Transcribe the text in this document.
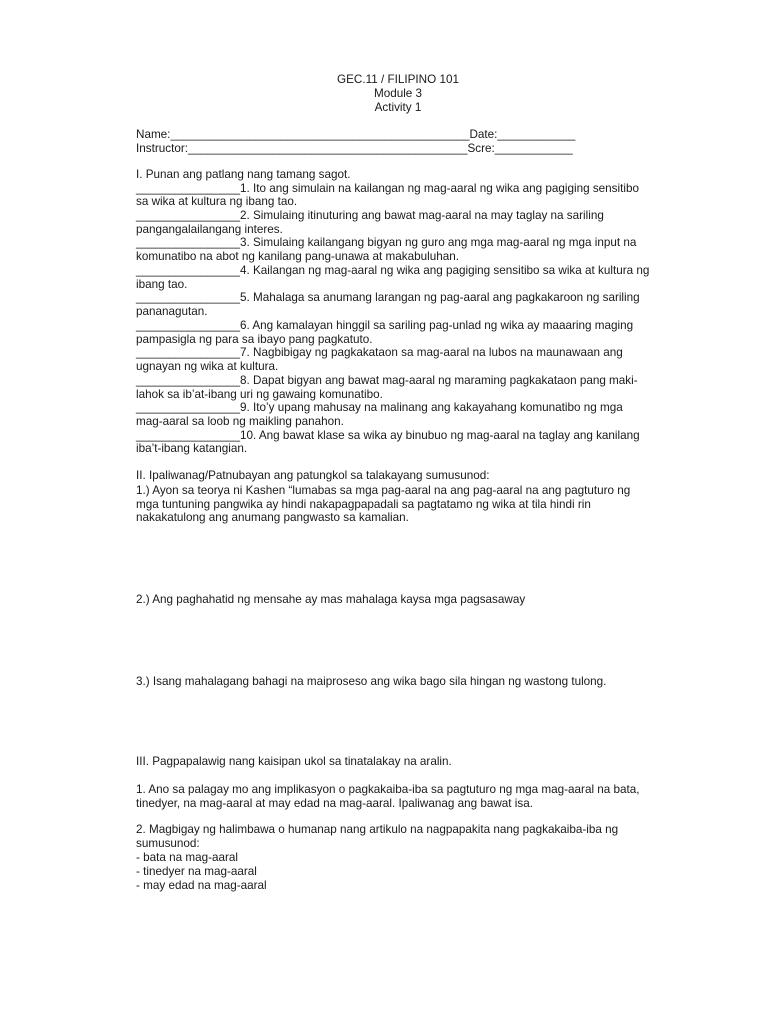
GEC.11 / FILIPINO 101
Module 3
Activity 1
Name:______________________________________________Date:____________
Instructor:___________________________________________Scre:____________
I. Punan ang patlang nang tamang sagot.
________________1. Ito ang simulain na kailangan ng mag-aaral ng wika ang pagiging sensitibo
sa wika at kultura ng ibang tao.
________________2. Simulaing itinuturing ang bawat mag-aaral na may taglay na sariling
pangangalailangang interes.
________________3. Simulaing kailangang bigyan ng guro ang mga mag-aaral ng mga input na
komunatibo na abot ng kanilang pang-unawa at makabuluhan.
________________4. Kailangan ng mag-aaral ng wika ang pagiging sensitibo sa wika at kultura ng
ibang tao.
________________5. Mahalaga sa anumang larangan ng pag-aaral ang pagkakaroon ng sariling
pananagutan.
________________6. Ang kamalayan hinggil sa sariling pag-unlad ng wika ay maaaring maging
pampasigla ng para sa ibayo pang pagkatuto.
________________7. Nagbibigay ng pagkakataon sa mag-aaral na lubos na maunawaan ang
ugnayan ng wika at kultura.
________________8. Dapat bigyan ang bawat mag-aaral ng maraming pagkakataon pang maki-
lahok sa ib’at-ibang uri ng gawaing komunatibo.
________________9. Ito’y upang mahusay na malinang ang kakayahang komunatibo ng mga
mag-aaral sa loob ng maikling panahon.
________________10. Ang bawat klase sa wika ay binubuo ng mag-aaral na taglay ang kanilang
iba’t-ibang katangian.
II. Ipaliwanag/Patnubayan ang patungkol sa talakayang sumusunod:
1.) Ayon sa teorya ni Kashen “lumabas sa mga pag-aaral na ang pag-aaral na ang pagtuturo ng
mga tuntuning pangwika ay hindi nakapagpapadali sa pagtatamo ng wika at tila hindi rin
nakakatulong ang anumang pangwasto sa kamalian.
2.) Ang paghahatid ng mensahe ay mas mahalaga kaysa mga pagsasaway
3.) Isang mahalagang bahagi na maiproseso ang wika bago sila hingan ng wastong tulong.
III. Pagpapalawig nang kaisipan ukol sa tinatalakay na aralin.
1. Ano sa palagay mo ang implikasyon o pagkakaiba-iba sa pagtuturo ng mga mag-aaral na bata,
tinedyer, na mag-aaral at may edad na mag-aaral. Ipaliwanag ang bawat isa.
2. Magbigay ng halimbawa o humanap nang artikulo na nagpapakita nang pagkakaiba-iba ng
sumusunod:
- bata na mag-aaral
- tinedyer na mag-aaral
- may edad na mag-aaral
